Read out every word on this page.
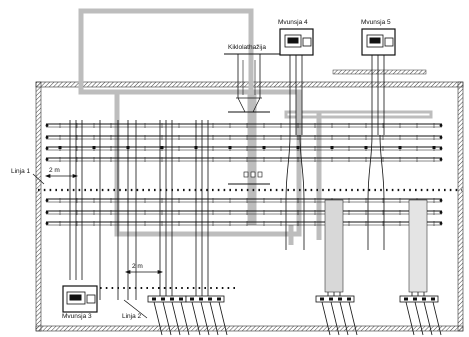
Mvunsja 4	Mvunsja 5
Kiklolathažija
Linja 1	2 m
2 m
Mvunsja 3	Linja 2
